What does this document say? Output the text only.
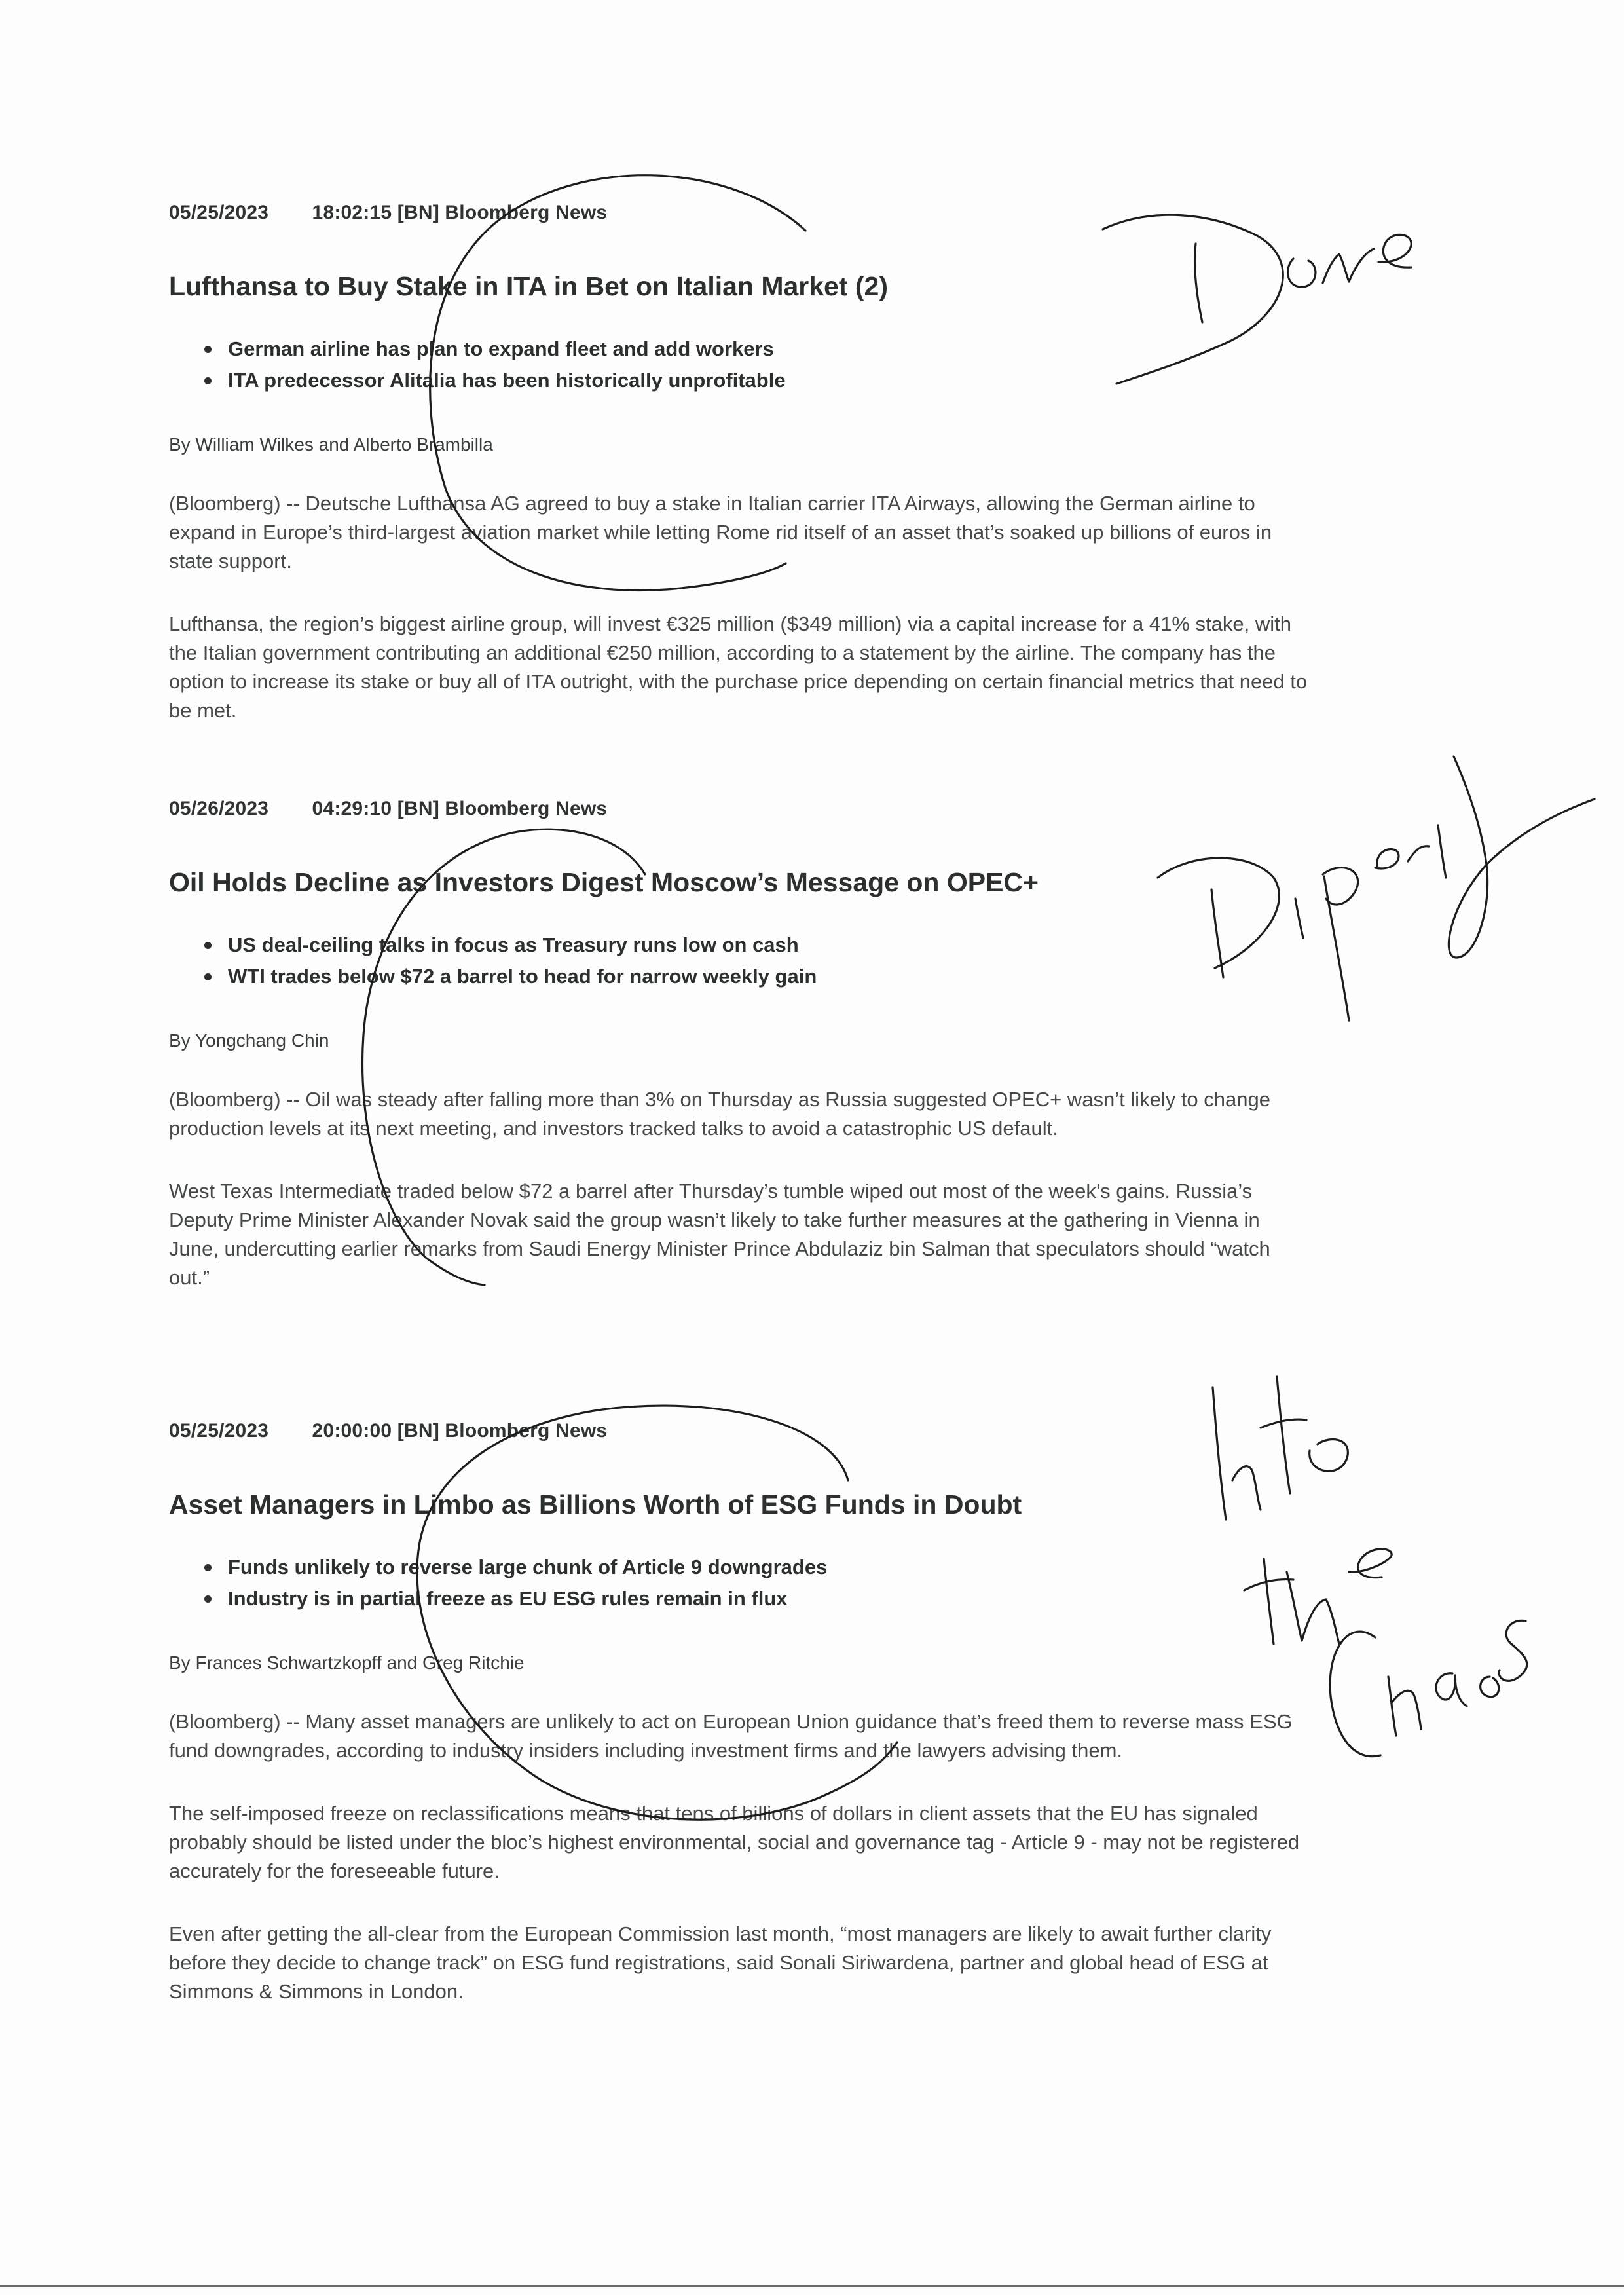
05/25/2023 18:02:15 [BN] Bloomberg News
Lufthansa to Buy Stake in ITA in Bet on Italian Market (2)
German airline has plan to expand fleet and add workers
ITA predecessor Alitalia has been historically unprofitable
By William Wilkes and Alberto Brambilla
(Bloomberg) -- Deutsche Lufthansa AG agreed to buy a stake in Italian carrier ITA Airways, allowing the German airline to expand in Europe’s third-largest aviation market while letting Rome rid itself of an asset that’s soaked up billions of euros in state support.
Lufthansa, the region’s biggest airline group, will invest €325 million ($349 million) via a capital increase for a 41% stake, with the Italian government contributing an additional €250 million, according to a statement by the airline. The company has the option to increase its stake or buy all of ITA outright, with the purchase price depending on certain financial metrics that need to be met.
05/26/2023 04:29:10 [BN] Bloomberg News
Oil Holds Decline as Investors Digest Moscow’s Message on OPEC+
US deal-ceiling talks in focus as Treasury runs low on cash
WTI trades below $72 a barrel to head for narrow weekly gain
By Yongchang Chin
(Bloomberg) -- Oil was steady after falling more than 3% on Thursday as Russia suggested OPEC+ wasn’t likely to change production levels at its next meeting, and investors tracked talks to avoid a catastrophic US default.
West Texas Intermediate traded below $72 a barrel after Thursday’s tumble wiped out most of the week’s gains. Russia’s Deputy Prime Minister Alexander Novak said the group wasn’t likely to take further measures at the gathering in Vienna in June, undercutting earlier remarks from Saudi Energy Minister Prince Abdulaziz bin Salman that speculators should “watch out.”
05/25/2023 20:00:00 [BN] Bloomberg News
Asset Managers in Limbo as Billions Worth of ESG Funds in Doubt
Funds unlikely to reverse large chunk of Article 9 downgrades
Industry is in partial freeze as EU ESG rules remain in flux
By Frances Schwartzkopff and Greg Ritchie
(Bloomberg) -- Many asset managers are unlikely to act on European Union guidance that’s freed them to reverse mass ESG fund downgrades, according to industry insiders including investment firms and the lawyers advising them.
The self-imposed freeze on reclassifications means that tens of billions of dollars in client assets that the EU has signaled probably should be listed under the bloc’s highest environmental, social and governance tag - Article 9 - may not be registered accurately for the foreseeable future.
Even after getting the all-clear from the European Commission last month, “most managers are likely to await further clarity before they decide to change track” on ESG fund registrations, said Sonali Siriwardena, partner and global head of ESG at Simmons & Simmons in London.
